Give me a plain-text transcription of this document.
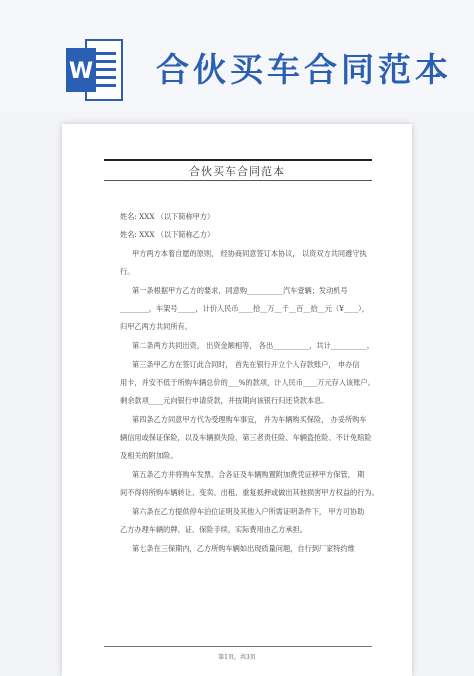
W 合伙买车合同范本
合伙买车合同范本
姓名: XXX （以下简称甲方）
姓名: XXX （以下简称乙方）
甲方两方本着自愿的原则， 经协商同意签订本协议， 以资双方共同遵守执
行。
第一条根据甲方乙方的要求，同意购__________汽车壹辆；发动机号
________，车架号_____，计价人民币____拾__万__千__百__拾__元（¥____），
归甲乙两方共同所有。
第二条两方共同出资， 出资金额相等， 各出__________，共计__________。
第三条甲乙方在签订此合同时， 首先在银行开立个人存款账户， 申办信
用卡，并安不低于所购车辆总价的___%的款项，计人民币____万元存入该账户。
剩余款项____元向银行申请贷款，并按期向该银行归还贷款本息。
第四条乙方同意甲方代为受理购车事宜， 并为车辆购买保险， 办妥所购车
辆信用或保证保险，以及车辆损失险、第三者责任险、车辆盗抢险、不计免赔险
及相关的附加险。
第五条乙方并将购车发票、合各证及车辆购置附加费凭证移甲方保管， 期
间不得将所购车辆转让、变卖、出租、重复抵押或做出其他损害甲方权益的行为。
第六条在乙方提供停车泊位证明及其他入户所需证明条件下， 甲方可协助
乙方办理车辆的牌、证、保险手续，实际费用由乙方承担。
第七条在三保期内，乙方所购车辆如出现质量问题，自行到厂家特约维
第1页，共3页
